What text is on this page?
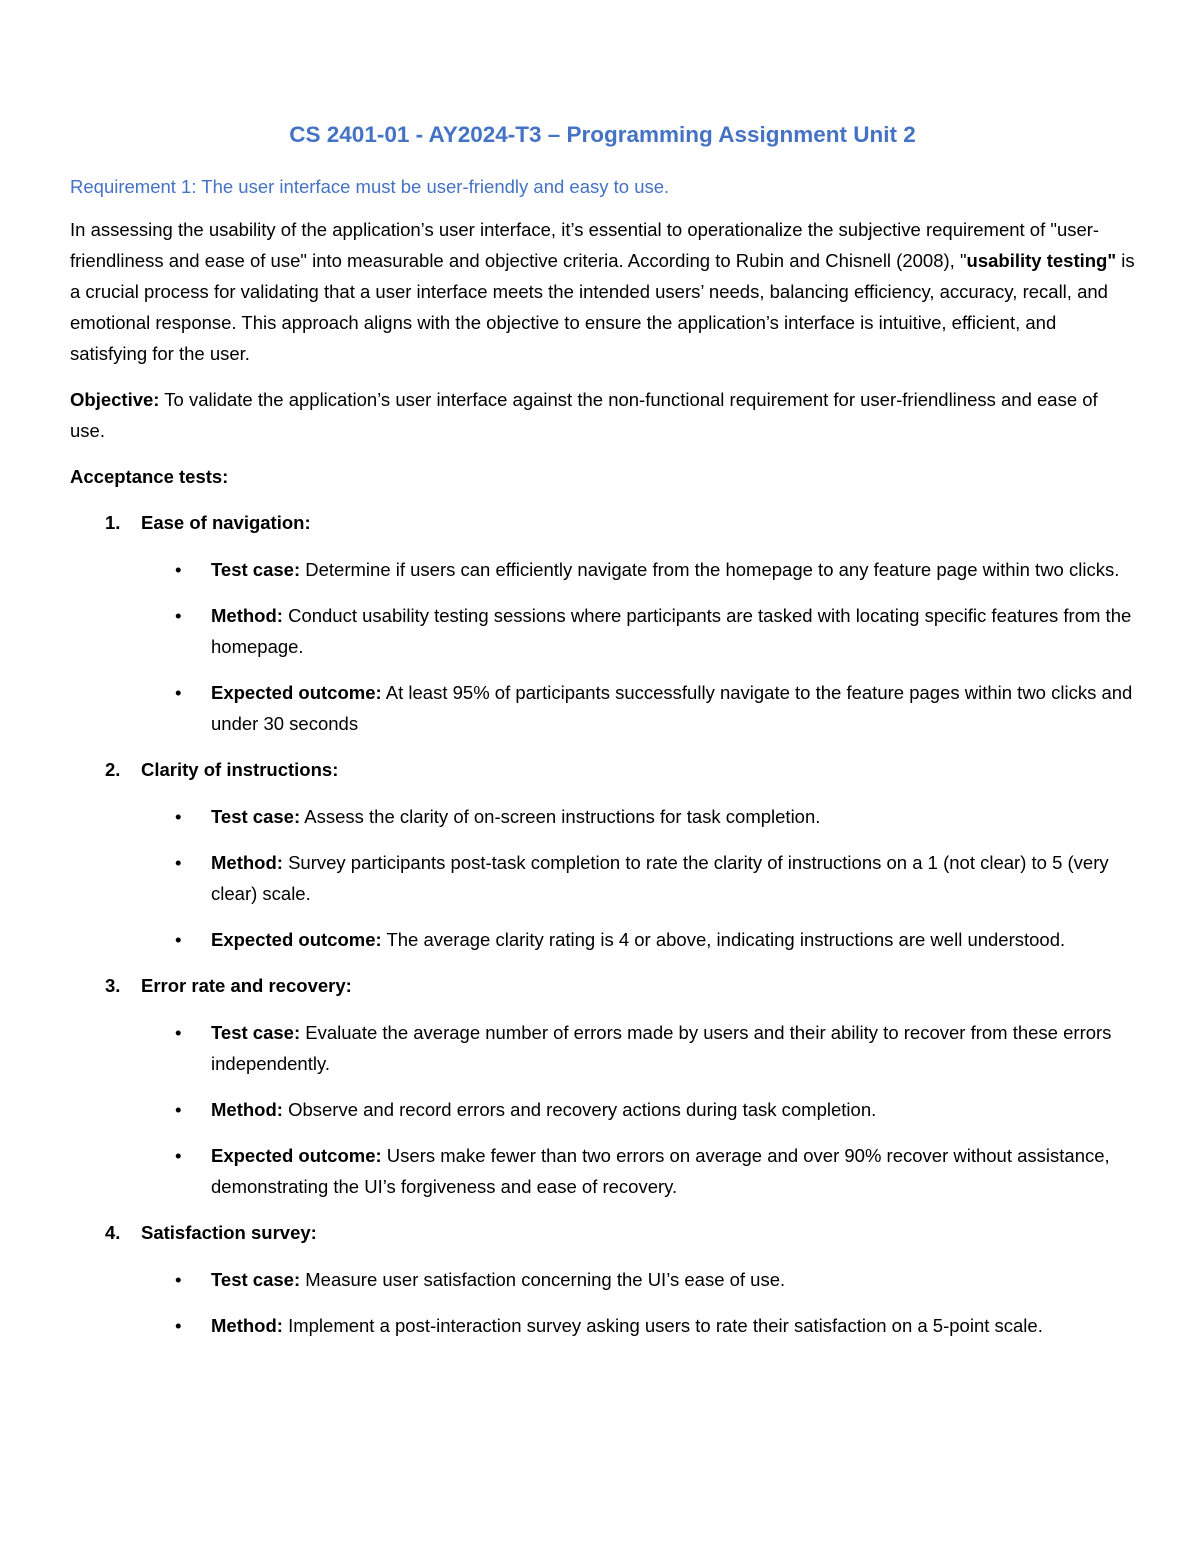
CS 2401-01 - AY2024-T3 – Programming Assignment Unit 2
Requirement 1: The user interface must be user-friendly and easy to use.

In assessing the usability of the application’s user interface, it’s essential to operationalize the subjective requirement of "user-friendliness and ease of use" into measurable and objective criteria. According to Rubin and Chisnell (2008), "usability testing" is a crucial process for validating that a user interface meets the intended users’ needs, balancing efficiency, accuracy, recall, and emotional response. This approach aligns with the objective to ensure the application’s interface is intuitive, efficient, and satisfying for the user.

Objective: To validate the application’s user interface against the non-functional requirement for user-friendliness and ease of use.

Acceptance tests:
1. Ease of navigation:
• Test case: Determine if users can efficiently navigate from the homepage to any feature page within two clicks.
• Method: Conduct usability testing sessions where participants are tasked with locating specific features from the homepage.
• Expected outcome: At least 95% of participants successfully navigate to the feature pages within two clicks and under 30 seconds
2. Clarity of instructions:
• Test case: Assess the clarity of on-screen instructions for task completion.
• Method: Survey participants post-task completion to rate the clarity of instructions on a 1 (not clear) to 5 (very clear) scale.
• Expected outcome: The average clarity rating is 4 or above, indicating instructions are well understood.
3. Error rate and recovery:
• Test case: Evaluate the average number of errors made by users and their ability to recover from these errors independently.
• Method: Observe and record errors and recovery actions during task completion.
• Expected outcome: Users make fewer than two errors on average and over 90% recover without assistance, demonstrating the UI’s forgiveness and ease of recovery.
4. Satisfaction survey:
• Test case: Measure user satisfaction concerning the UI’s ease of use.
• Method: Implement a post-interaction survey asking users to rate their satisfaction on a 5-point scale.
